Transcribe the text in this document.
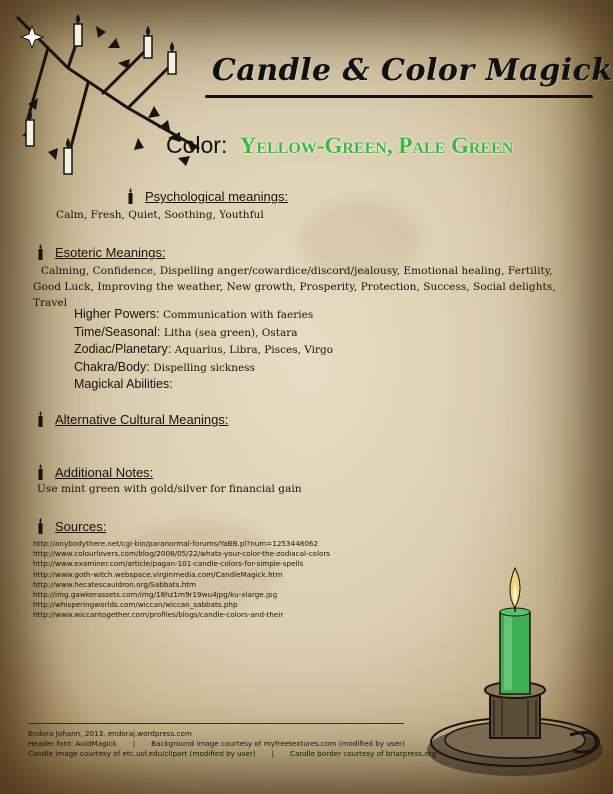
Candle & Color Magick
Color: Yellow-Green, Pale Green
Psychological meanings:
Calm, Fresh, Quiet, Soothing, Youthful
Esoteric Meanings:
Calming, Confidence, Dispelling anger/cowardice/discord/jealousy, Emotional healing, Fertility, Good Luck, Improving the weather, New growth, Prosperity, Protection, Success, Social delights, Travel
Higher Powers: Communication with faeries
Time/Seasonal: Litha (sea green), Ostara
Zodiac/Planetary: Aquarius, Libra, Pisces, Virgo
Chakra/Body: Dispelling sickness
Magickal Abilities:
Alternative Cultural Meanings:
Additional Notes:
Use mint green with gold/silver for financial gain
Sources:
http://anybodythere.net/cgi-bin/paranormal-forums/YaBB.pl?num=1253448062
http://www.colourlovers.com/blog/2008/05/22/whats-your-color-the-zodiacal-colors
http://www.examiner.com/article/pagan-101-candle-colors-for-simple-spells
http://www.goth-witch.webspace.virginmedia.com/CandleMagick.htm
http://www.hecatescauldron.org/Sabbats.htm
http://img.gawkerassets.com/img/18hz1m9r19wu4jpg/ku-xlarge.jpg
http://whisperingworlds.com/wiccan/wiccan_sabbats.php
http://www.wiccantogether.com/profiles/blogs/candle-colors-and-their
Endora Johann, 2013. endoraj.wordpress.com
Header font: AuldMagick       |       Background image courtesy of myfreetextures.com (modified by user)
Candle image courtesy of etc.usf.edu/clipart (modified by user)       |       Candle border courtesy of briarpress.org
